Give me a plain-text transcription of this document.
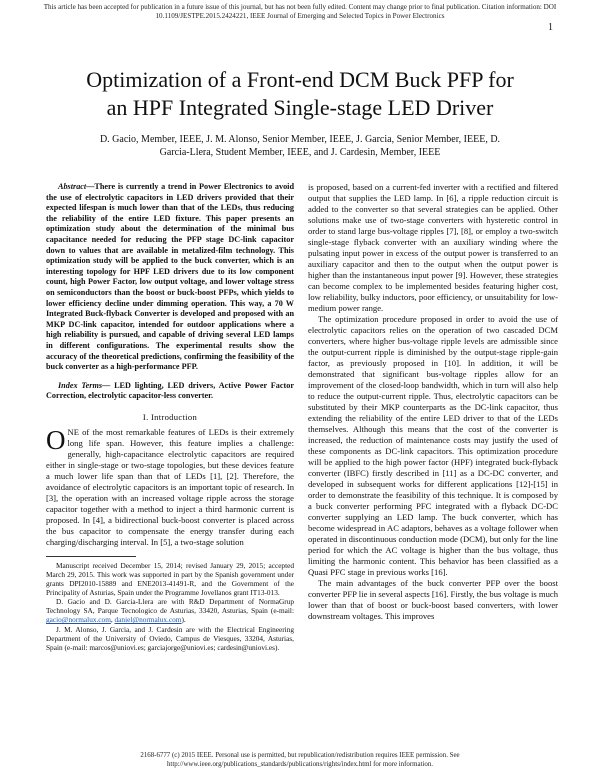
This article has been accepted for publication in a future issue of this journal, but has not been fully edited. Content may change prior to final publication. Citation information: DOI
10.1109/JESTPE.2015.2424221, IEEE Journal of Emerging and Selected Topics in Power Electronics
1
Optimization of a Front-end DCM Buck PFP for
an HPF Integrated Single-stage LED Driver
D. Gacio, Member, IEEE, J. M. Alonso, Senior Member, IEEE, J. Garcia, Senior Member, IEEE, D.
Garcia-Llera, Student Member, IEEE, and J. Cardesin, Member, IEEE

Abstract—There is currently a trend in Power Electronics to avoid the use of electrolytic capacitors in LED drivers provided that their expected lifespan is much lower than that of the LEDs, thus reducing the reliability of the entire LED fixture. This paper presents an optimization study about the determination of the minimal bus capacitance needed for reducing the PFP stage DC-link capacitor down to values that are available in metalized-film technology. This optimization study will be applied to the buck converter, which is an interesting topology for HPF LED drivers due to its low component count, high Power Factor, low output voltage, and lower voltage stress on semiconductors than the boost or buck-boost PFPs, which yields to lower efficiency decline under dimming operation. This way, a 70 W Integrated Buck-flyback Converter is developed and proposed with an MKP DC-link capacitor, intended for outdoor applications where a high reliability is pursued, and capable of driving several LED lamps in different configurations. The experimental results show the accuracy of the theoretical predictions, confirming the feasibility of the buck converter as a high-performance PFP.

Index Terms— LED lighting, LED drivers, Active Power Factor Correction, electrolytic capacitor-less converter.

I. Introduction

ONE of the most remarkable features of LEDs is their extremely long life span. However, this feature implies a challenge: generally, high-capacitance electrolytic capacitors are required either in single-stage or two-stage topologies, but these devices feature a much lower life span than that of LEDs [1], [2]. Therefore, the avoidance of electrolytic capacitors is an important topic of research. In [3], the operation with an increased voltage ripple across the storage capacitor together with a method to inject a third harmonic current is proposed. In [4], a bidirectional buck-boost converter is placed across the bus capacitor to compensate the energy transfer during each charging/discharging interval. In [5], a two-stage solution

Manuscript received December 15, 2014; revised January 29, 2015; accepted March 29, 2015. This work was supported in part by the Spanish government under grants DPI2010-15889 and ENE2013-41491-R, and the Government of the Principality of Asturias, Spain under the Programme Jovellanos grant IT13-013.

D. Gacio and D. Garcia-Llera are with R&D Department of NormaGrup Technology SA, Parque Tecnologico de Asturias, 33420, Asturias, Spain (e-mail: gacio@normalux.com, daniel@normalux.com).

J. M. Alonso, J. Garcia, and J. Cardesin are with the Electrical Engineering Department of the University of Oviedo, Campus de Viesques, 33204, Asturias, Spain (e-mail: marcos@uniovi.es; garciajorge@uniovi.es; cardesin@uniovi.es).

is proposed, based on a current-fed inverter with a rectified and filtered output that supplies the LED lamp. In [6], a ripple reduction circuit is added to the converter so that several strategies can be applied. Other solutions make use of two-stage converters with hysteretic control in order to stand large bus-voltage ripples [7], [8], or employ a two-switch single-stage flyback converter with an auxiliary winding where the pulsating input power in excess of the output power is transferred to an auxiliary capacitor and then to the output when the output power is higher than the instantaneous input power [9]. However, these strategies can become complex to be implemented besides featuring higher cost, low reliability, bulky inductors, poor efficiency, or unsuitability for low-medium power range.

The optimization procedure proposed in order to avoid the use of electrolytic capacitors relies on the operation of two cascaded DCM converters, where higher bus-voltage ripple levels are admissible since the output-current ripple is diminished by the output-stage ripple-gain factor, as previously proposed in [10]. In addition, it will be demonstrated that significant bus-voltage ripples allow for an improvement of the closed-loop bandwidth, which in turn will also help to reduce the output-current ripple. Thus, electrolytic capacitors can be substituted by their MKP counterparts as the DC-link capacitor, thus extending the reliability of the entire LED driver to that of the LEDs themselves. Although this means that the cost of the converter is increased, the reduction of maintenance costs may justify the used of these components as DC-link capacitors. This optimization procedure will be applied to the high power factor (HPF) integrated buck-flyback converter (IBFC) firstly described in [11] as a DC-DC converter, and developed in subsequent works for different applications [12]-[15] in order to demonstrate the feasibility of this technique. It is composed by a buck converter performing PFC integrated with a flyback DC-DC converter supplying an LED lamp. The buck converter, which has become widespread in AC adaptors, behaves as a voltage follower when operated in discontinuous conduction mode (DCM), but only for the line period for which the AC voltage is higher than the bus voltage, thus limiting the harmonic content. This behavior has been classified as a Quasi PFC stage in previous works [16].

The main advantages of the buck converter PFP over the boost converter PFP lie in several aspects [16]. Firstly, the bus voltage is much lower than that of boost or buck-boost based converters, with lower downstream voltages. This improves

2168-6777 (c) 2015 IEEE. Personal use is permitted, but republication/redistribution requires IEEE permission. See
http://www.ieee.org/publications_standards/publications/rights/index.html for more information.
